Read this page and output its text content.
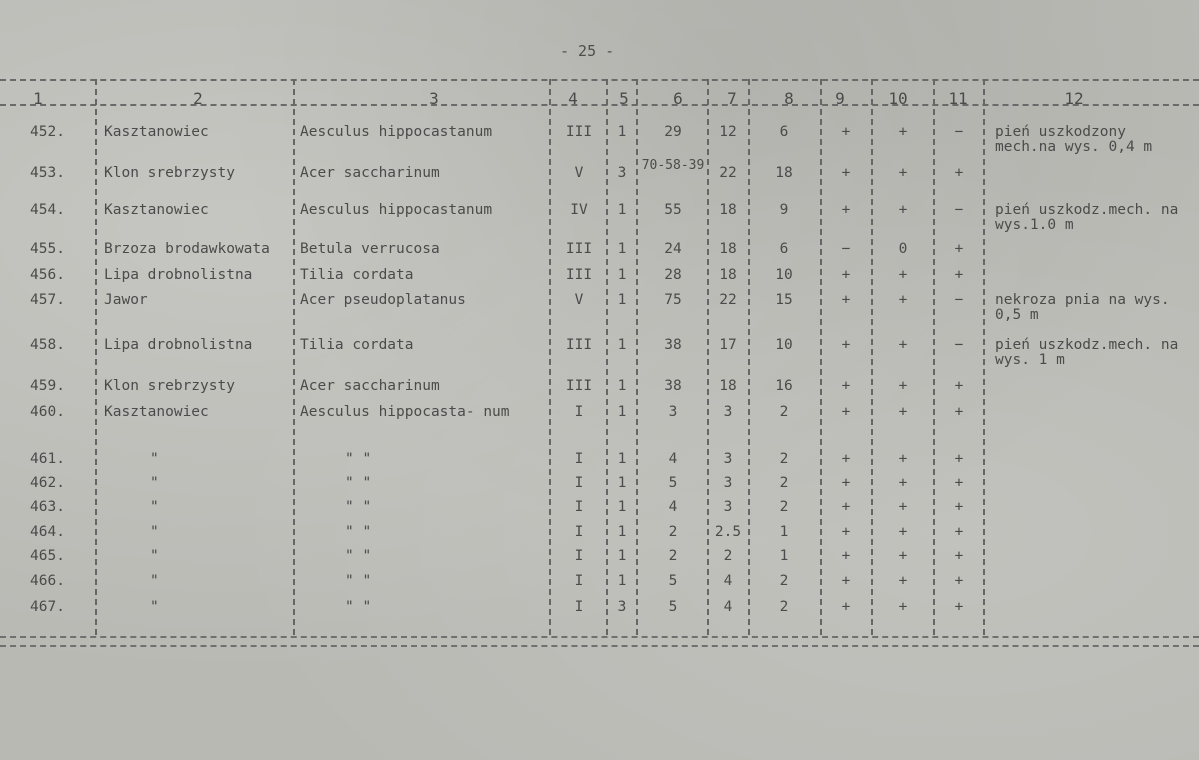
- 25 -
1	2	3	4	5	6	7	8	9	10	11	12
452.	Kasztanowiec	Aesculus hippocastanum	III	1	29	12	6	+	+	−	pień uszkodzony mech.na wys. 0,4 m
453.	Klon srebrzysty	Acer saccharinum	V	3	70-58-39	22	18	+	+	+
454.	Kasztanowiec	Aesculus hippocastanum	IV	1	55	18	9	+	+	−	pień uszkodz.mech. na wys.1.0 m
455.	Brzoza brodawkowata	Betula verrucosa	III	1	24	18	6	−	0	+
456.	Lipa drobnolistna	Tilia cordata	III	1	28	18	10	+	+	+
457.	Jawor	Acer pseudoplatanus	V	1	75	22	15	+	+	−	nekroza pnia na wys. 0,5 m
458.	Lipa drobnolistna	Tilia cordata	III	1	38	17	10	+	+	−	pień uszkodz.mech. na wys. 1 m
459.	Klon srebrzysty	Acer saccharinum	III	1	38	18	16	+	+	+
460.	Kasztanowiec	Aesculus hippocasta- num	I	1	3	3	2	+	+	+
461.	"	" "	I	1	4	3	2	+	+	+
462.	"	" "	I	1	5	3	2	+	+	+
463.	"	" "	I	1	4	3	2	+	+	+
464.	"	" "	I	1	2	2.5	1	+	+	+
465.	"	" "	I	1	2	2	1	+	+	+
466.	"	" "	I	1	5	4	2	+	+	+
467.	"	" "	I	3	5	4	2	+	+	+
